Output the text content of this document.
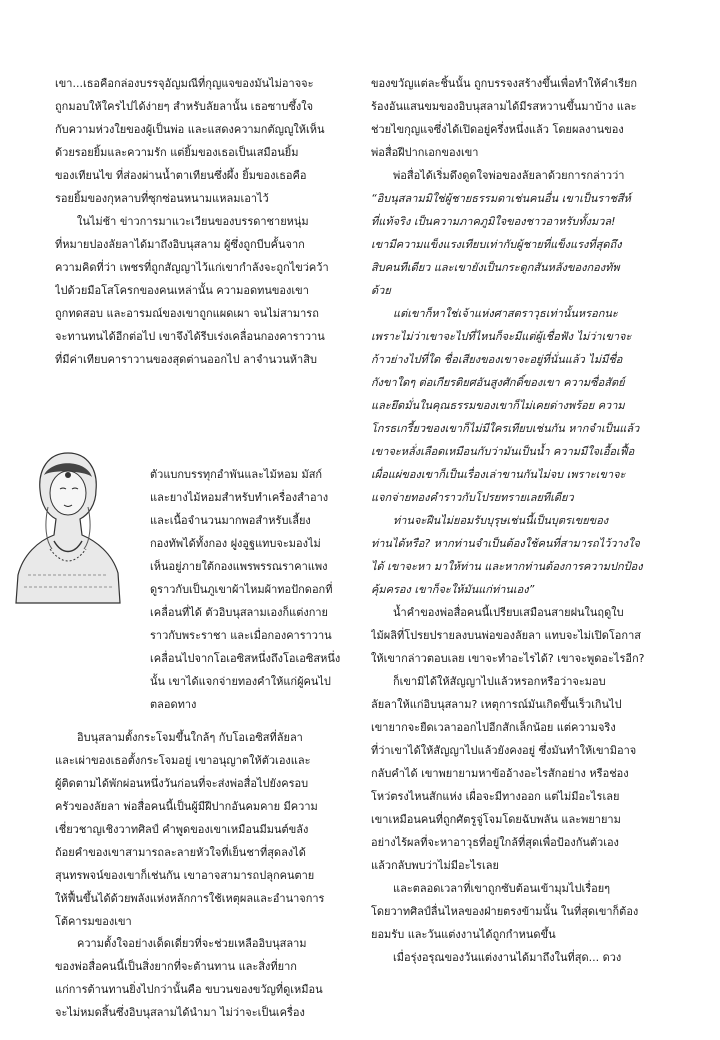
เขา...เธอคือกล่องบรรจุอัญมณีที่กุญแจของมันไม่อาจจะ
ถูกมอบให้ใครไปได้ง่ายๆ สำหรับลัยลานั้น เธอซาบซึ้งใจ
กับความห่วงใยของผู้เป็นพ่อ และแสดงความกตัญญูให้เห็น
ด้วยรอยยิ้มและความรัก แต่ยิ้มของเธอเป็นเสมือนยิ้ม
ของเทียนไข ที่ส่องผ่านน้ำตาเทียนซึ่งผึ้ง ยิ้มของเธอคือ
รอยยิ้มของกุหลาบที่ซุกซ่อนหนามแหลมเอาไว้
ในไม่ช้า ข่าวการมาแวะเวียนของบรรดาชายหนุ่ม
ที่หมายปองลัยลาได้มาถึงอิบนุสลาม ผู้ซึ่งถูกบีบคั้นจาก
ความคิดที่ว่า เพชรที่ถูกสัญญาไว้แก่เขากำลังจะถูกไขว่คว้า
ไปด้วยมือโสโครกของคนเหล่านั้น ความอดทนของเขา
ถูกทดสอบ และอารมณ์ของเขาถูกแผดเผา จนไม่สามารถ
จะทานทนได้อีกต่อไป เขาจึงได้รีบเร่งเคลื่อนกองคาราวาน
ที่มีค่าเทียบคาราวานของสุดต่านออกไป ลาจำนวนห้าสิบ
ตัวแบกบรรทุกอำพันและไม้หอม มัสก์
และยางไม้หอมสำหรับทำเครื่องสำอาง
และเนื้อจำนวนมากพอสำหรับเลี้ยง
กองทัพได้ทั้งกอง ฝูงอูฐแทบจะมองไม่
เห็นอยู่ภายใต้กองแพรพรรณราคาแพง
ดูราวกับเป็นภูเขาผ้าไหมผ้าทอปักดอกที่
เคลื่อนที่ได้ ตัวอิบนุสลามเองก็แต่งกาย
ราวกับพระราชา และเมื่อกองคาราวาน
เคลื่อนไปจากโอเอซิสหนึ่งถึงโอเอซิสหนึ่ง
นั้น เขาได้แจกจ่ายทองคำให้แก่ผู้คนไป
ตลอดทาง
อิบนุสลามตั้งกระโจมขึ้นใกล้ๆ กับโอเอซิสที่ลัยลา
และเผ่าของเธอตั้งกระโจมอยู่ เขาอนุญาตให้ตัวเองและ
ผู้ติดตามได้พักผ่อนหนึ่งวันก่อนที่จะส่งพ่อสื่อไปยังครอบ
ครัวของลัยลา พ่อสื่อคนนี้เป็นผู้มีฝีปากอันคมคาย มีความ
เชี่ยวชาญเชิงวาทศิลป์ คำพูดของเขาเหมือนมีมนต์ขลัง
ถ้อยคำของเขาสามารถละลายหัวใจที่เย็นชาที่สุดลงได้
สุนทรพจน์ของเขาก็เช่นกัน เขาอาจสามารถปลุกคนตาย
ให้ฟื้นขึ้นได้ด้วยพลังแห่งหลักการใช้เหตุผลและอำนาจการ
โต้คารมของเขา
ความตั้งใจอย่างเด็ดเดี่ยวที่จะช่วยเหลืออิบนุสลาม
ของพ่อสื่อคนนี้เป็นสิ่งยากที่จะต้านทาน และสิ่งที่ยาก
แก่การต้านทานยิ่งไปกว่านั้นคือ ขบวนของขวัญที่ดูเหมือน
จะไม่หมดสิ้นซึ่งอิบนุสลามได้นำมา ไม่ว่าจะเป็นเครื่อง
ของขวัญแต่ละชิ้นนั้น ถูกบรรจงสร้างขึ้นเพื่อทำให้คำเรียก
ร้องอันแสนขมของอิบนุสลามได้มีรสหวานขึ้นมาบ้าง และ
ช่วยไขกุญแจซึ่งได้เปิดอยู่ครึ่งหนึ่งแล้ว โดยผลงานของ
พ่อสื่อฝีปากเอกของเขา
พ่อสื่อได้เริ่มดึงดูดใจพ่อของลัยลาด้วยการกล่าวว่า
“อิบนุสลามมิใช่ผู้ชายธรรมดาเช่นคนอื่น เขาเป็นราชสีห์
ที่แท้จริง เป็นความภาคภูมิใจของชาวอาหรับทั้งมวล!
เขามีความแข็งแรงเทียบเท่ากับผู้ชายที่แข็งแรงที่สุดถึง
สิบคนทีเดียว และเขายังเป็นกระดูกสันหลังของกองทัพ
ด้วย
แต่เขาก็หาใช่เจ้าแห่งศาสตราวุธเท่านั้นหรอกนะ
เพราะไม่ว่าเขาจะไปที่ไหนก็จะมีแต่ผู้เชื่อฟัง ไม่ว่าเขาจะ
ก้าวย่างไปที่ใด ชื่อเสียงของเขาจะอยู่ที่นั่นแล้ว ไม่มีชื่อ
กังขาใดๆ ต่อเกียรติยศอันสูงศักดิ์ของเขา ความซื่อสัตย์
และยึดมั่นในคุณธรรมของเขาก็ไม่เคยด่างพร้อย ความ
โกรธเกรี้ยวของเขาก็ไม่มีใครเทียบเช่นกัน หากจำเป็นแล้ว
เขาจะหลั่งเลือดเหมือนกับว่ามันเป็นน้ำ ความมีใจเอื้อเฟื้อ
เผื่อแผ่ของเขาก็เป็นเรื่องเล่าขานกันไม่จบ เพราะเขาจะ
แจกจ่ายทองคำราวกับโปรยทรายเลยทีเดียว
ท่านจะฝืนไม่ยอมรับบุรุษเช่นนี้เป็นบุตรเขยของ
ท่านได้หรือ? หากท่านจำเป็นต้องใช้คนที่สามารถไว้วางใจ
ได้ เขาจะหา มาให้ท่าน และหากท่านต้องการความปกป้อง
คุ้มครอง เขาก็จะให้มันแก่ท่านเอง”
น้ำคำของพ่อสื่อคนนี้เปรียบเสมือนสายฝนในฤดูใบ
ไม้ผลิที่โปรยปรายลงบนพ่อของลัยลา แทบจะไม่เปิดโอกาส
ให้เขากล่าวตอบเลย เขาจะทำอะไรได้? เขาจะพูดอะไรอีก?
ก็เขามิได้ให้สัญญาไปแล้วหรอกหรือว่าจะมอบ
ลัยลาให้แก่อิบนุสลาม? เหตุการณ์มันเกิดขึ้นเร็วเกินไป
เขายากจะยืดเวลาออกไปอีกสักเล็กน้อย แต่ความจริง
ที่ว่าเขาได้ให้สัญญาไปแล้วยังคงอยู่ ซึ่งมันทำให้เขามิอาจ
กลับคำได้ เขาพยายามหาข้ออ้างอะไรสักอย่าง หรือช่อง
โหว่ตรงไหนสักแห่ง เผื่อจะมีทางออก แต่ไม่มีอะไรเลย
เขาเหมือนคนที่ถูกศัตรูจู่โจมโดยฉับพลัน และพยายาม
อย่างไร้ผลที่จะหาอาวุธที่อยู่ใกล้ที่สุดเพื่อป้องกันตัวเอง
แล้วกลับพบว่าไม่มีอะไรเลย
และตลอดเวลาที่เขาถูกซับต้อนเข้ามุมไปเรื่อยๆ
โดยวาทศิลป์ลื่นไหลของฝ่ายตรงข้ามนั้น ในที่สุดเขาก็ต้อง
ยอมรับ และวันแต่งงานได้ถูกกำหนดขึ้น
เมื่อรุ่งอรุณของวันแต่งงานได้มาถึงในที่สุด... ดวง
